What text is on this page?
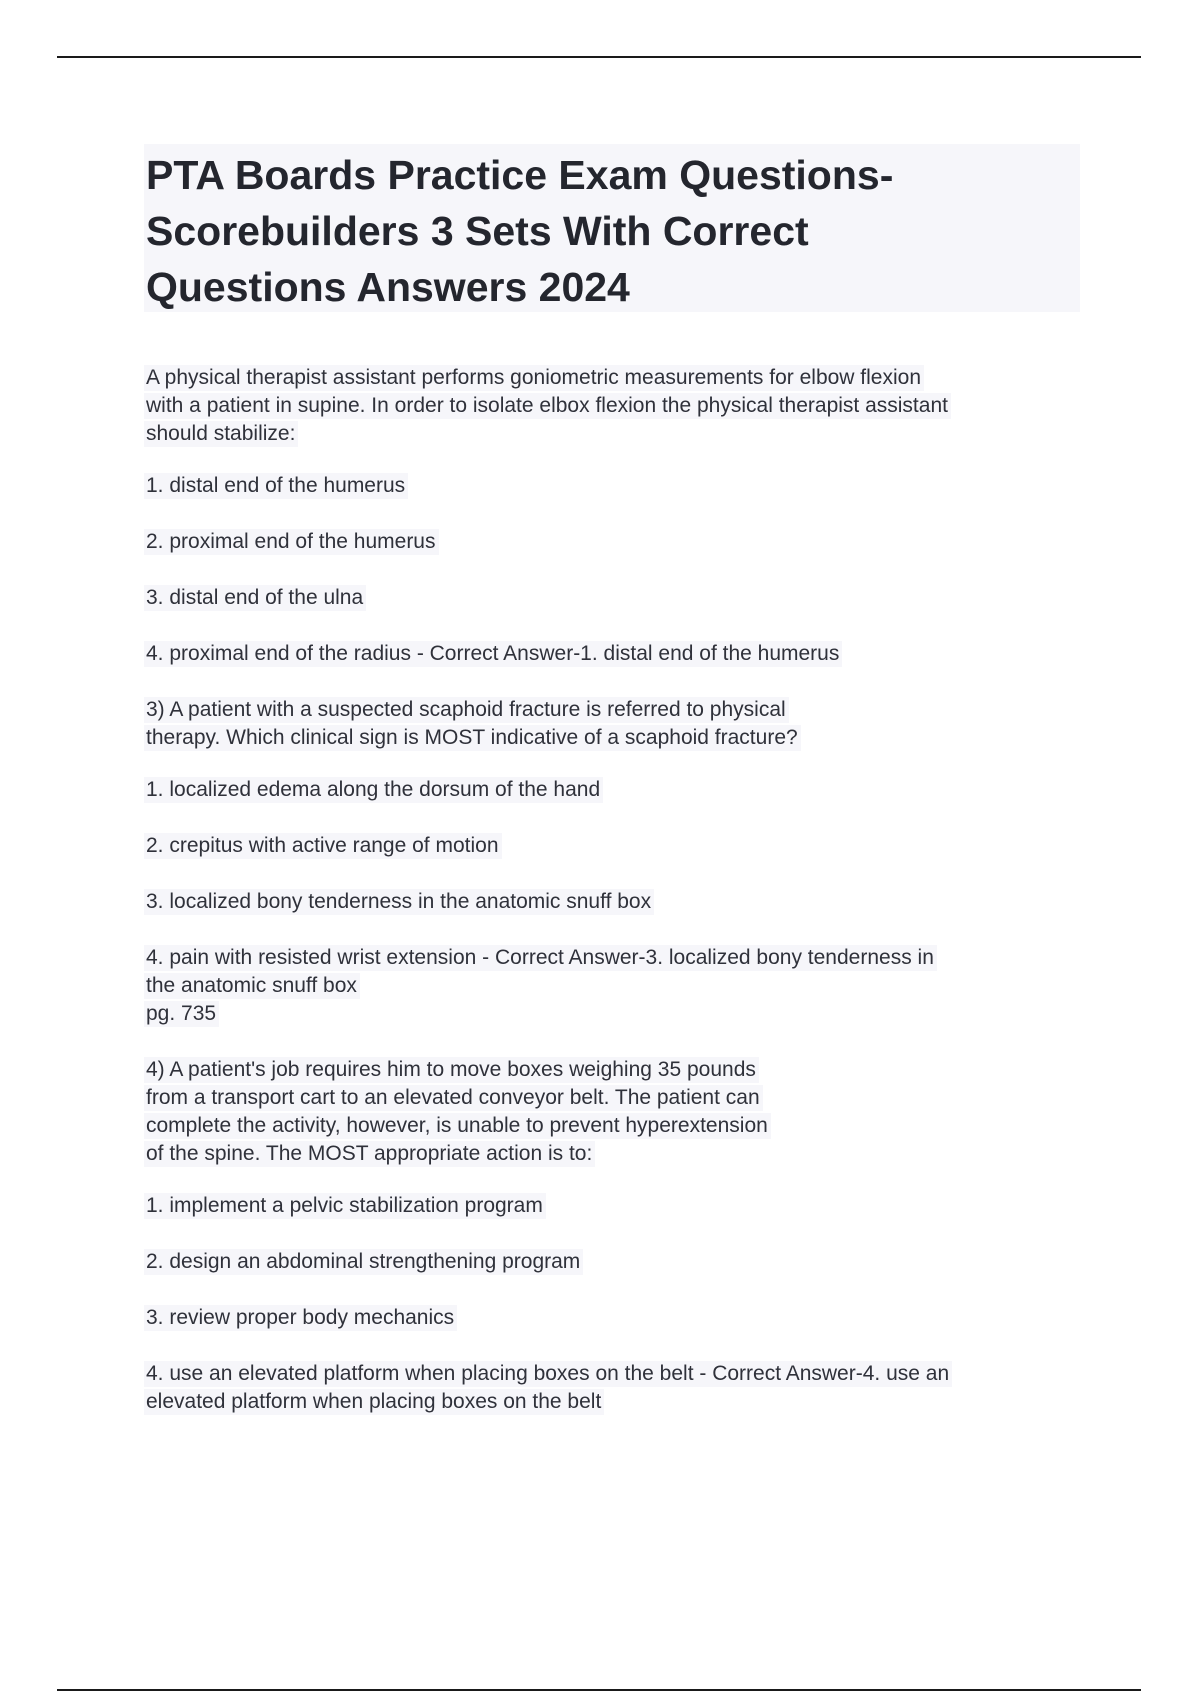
PTA Boards Practice Exam Questions-
Scorebuilders 3 Sets With Correct
Questions Answers 2024
A physical therapist assistant performs goniometric measurements for elbow flexion
with a patient in supine. In order to isolate elbox flexion the physical therapist assistant
should stabilize:
1. distal end of the humerus
2. proximal end of the humerus
3. distal end of the ulna
4. proximal end of the radius - Correct Answer-1. distal end of the humerus
3) A patient with a suspected scaphoid fracture is referred to physical
therapy. Which clinical sign is MOST indicative of a scaphoid fracture?
1. localized edema along the dorsum of the hand
2. crepitus with active range of motion
3. localized bony tenderness in the anatomic snuff box
4. pain with resisted wrist extension - Correct Answer-3. localized bony tenderness in
the anatomic snuff box
pg. 735
4) A patient's job requires him to move boxes weighing 35 pounds
from a transport cart to an elevated conveyor belt. The patient can
complete the activity, however, is unable to prevent hyperextension
of the spine. The MOST appropriate action is to:
1. implement a pelvic stabilization program
2. design an abdominal strengthening program
3. review proper body mechanics
4. use an elevated platform when placing boxes on the belt - Correct Answer-4. use an
elevated platform when placing boxes on the belt
